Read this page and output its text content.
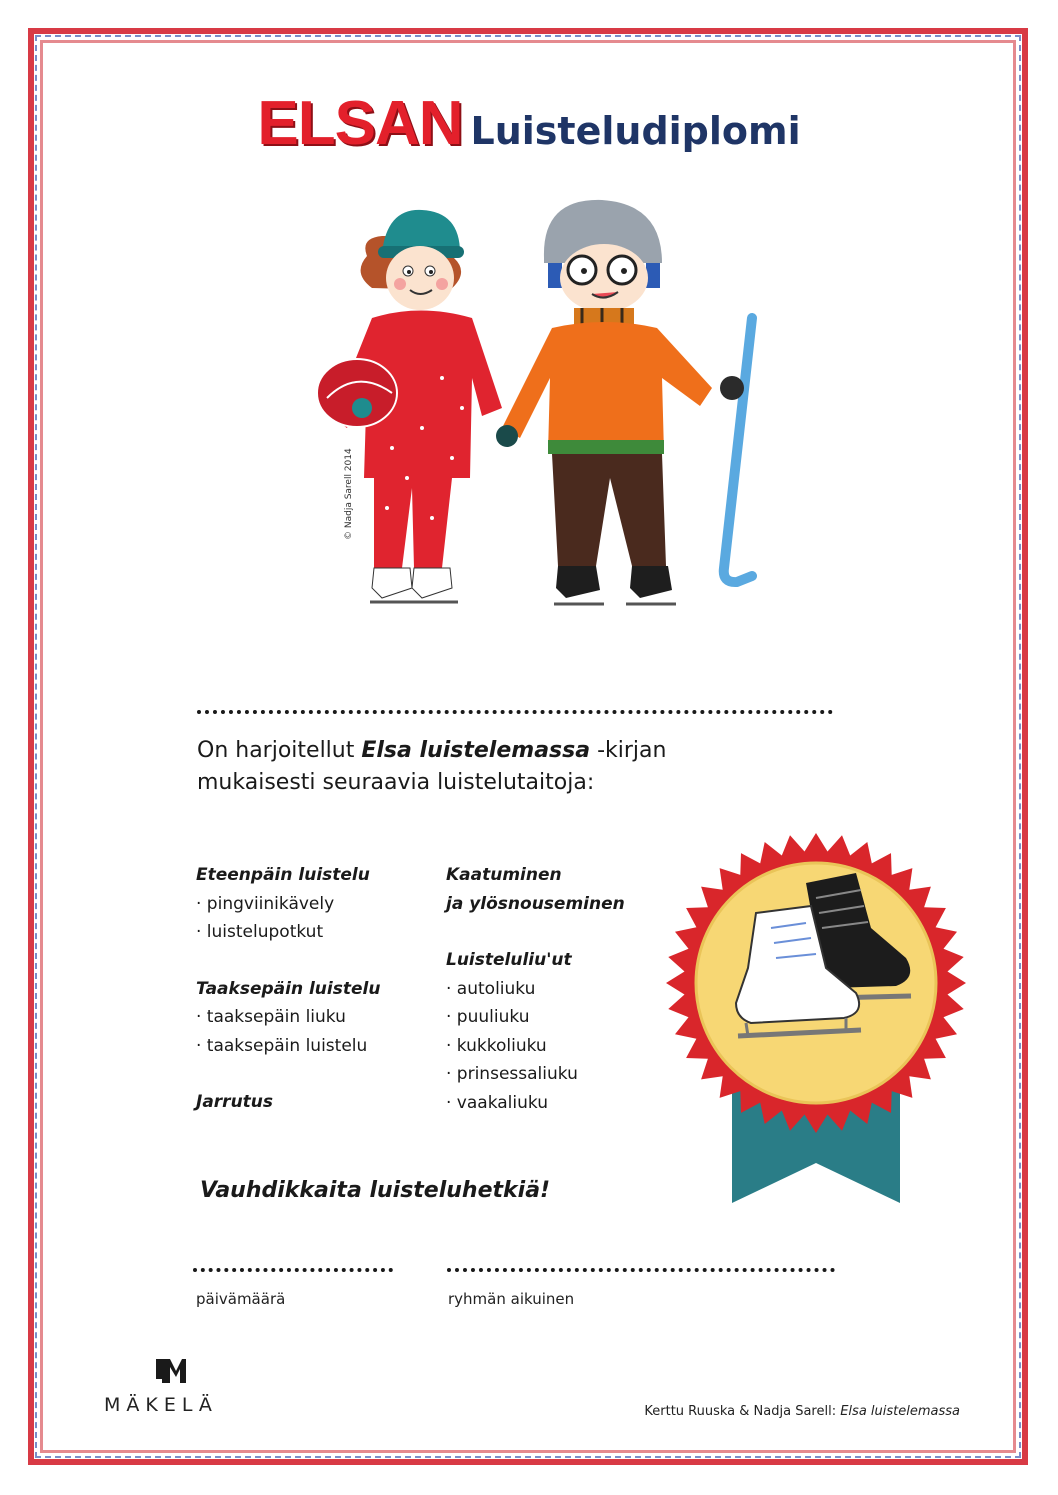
ELSAN Luisteludiplomi
© Nadja Sarell 2014
On harjoitellut Elsa luistelemassa -kirjan mukaisesti seuraavia luistelutaitoja:
Eteenpäin luistelu
· pingviinikävely
· luistelupotkut
Taaksepäin luistelu
· taaksepäin liuku
· taaksepäin luistelu
Jarrutus
Kaatuminen
ja ylösnouseminen
Luisteluliu'ut
· autoliuku
· puuliuku
· kukkoliuku
· prinsessaliuku
· vaakaliuku
Vauhdikkaita luisteluhetkiä!
päivämäärä	ryhmän aikuinen
MÄKELÄ	Kerttu Ruuska & Nadja Sarell: Elsa luistelemassa
